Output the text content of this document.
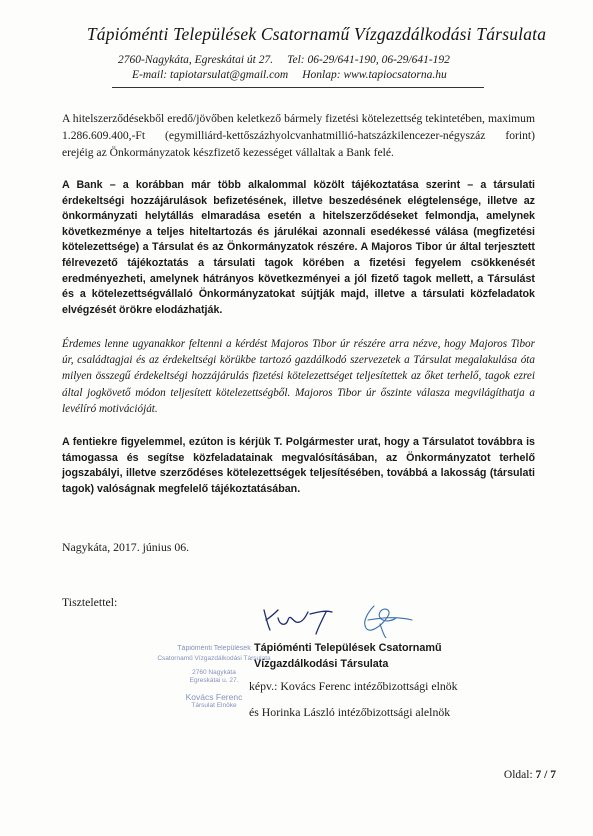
Tápióménti Települések Csatornamű Vízgazdálkodási Társulata
2760-Nagykáta, Egreskátai út 27. Tel: 06-29/641-190, 06-29/641-192
E-mail: tapiotarsulat@gmail.com Honlap: www.tapiocsatorna.hu
A hitelszerződésekből eredő/jövőben keletkező bármely fizetési kötelezettség tekintetében, maximum 1.286.609.400,-Ft (egymilliárd-kettőszázhyolcvanhatmillió-hatszázkilencezer-négyszáz forint) erejéig az Önkormányzatok készfizető kezességet vállaltak a Bank felé.
A Bank – a korábban már több alkalommal közölt tájékoztatása szerint – a társulati érdekeltségi hozzájárulások befizetésének, illetve beszedésének elégtelensége, illetve az önkormányzati helytállás elmaradása esetén a hitelszerződéseket felmondja, amelynek következménye a teljes hiteltartozás és járulékai azonnali esedékessé válása (megfizetési kötelezettsége) a Társulat és az Önkormányzatok részére. A Majoros Tibor úr által terjesztett félrevezető tájékoztatás a társulati tagok körében a fizetési fegyelem csökkenését eredményezheti, amelynek hátrányos következményei a jól fizető tagok mellett, a Társulást és a kötelezettségvállaló Önkormányzatokat sújtják majd, illetve a társulati közfeladatok elvégzését örökre elodázhatják.
Érdemes lenne ugyanakkor feltenni a kérdést Majoros Tibor úr részére arra nézve, hogy Majoros Tibor úr, családtagjai és az érdekeltségi körükbe tartozó gazdálkodó szervezetek a Társulat megalakulása óta milyen összegű érdekeltségi hozzájárulás fizetési kötelezettséget teljesítettek az őket terhelő, tagok ezrei által jogkövető módon teljesített kötelezettségből. Majoros Tibor úr őszinte válasza megvilágíthatja a levélíró motivációját.
A fentiekre figyelemmel, ezúton is kérjük T. Polgármester urat, hogy a Társulatot továbbra is támogassa és segítse közfeladatainak megvalósításában, az Önkormányzatot terhelő jogszabályi, illetve szerződéses kötelezettségek teljesítésében, továbbá a lakosság (társulati tagok) valóságnak megfelelő tájékoztatásában.
Nagykáta, 2017. június 06.
Tisztelettel:
Tápióménti Települések
Csatornamű Vízgazdálkodási Társulata
2760 Nagykáta
Egreskátai u. 27.
Kovács Ferenc
Társulat Elnöke
Tápióménti Települések Csatornamű
Vízgazdálkodási Társulata
képv.: Kovács Ferenc intézőbizottsági elnök
és Horinka László intézőbizottsági alelnök
Oldal: 7 / 7
